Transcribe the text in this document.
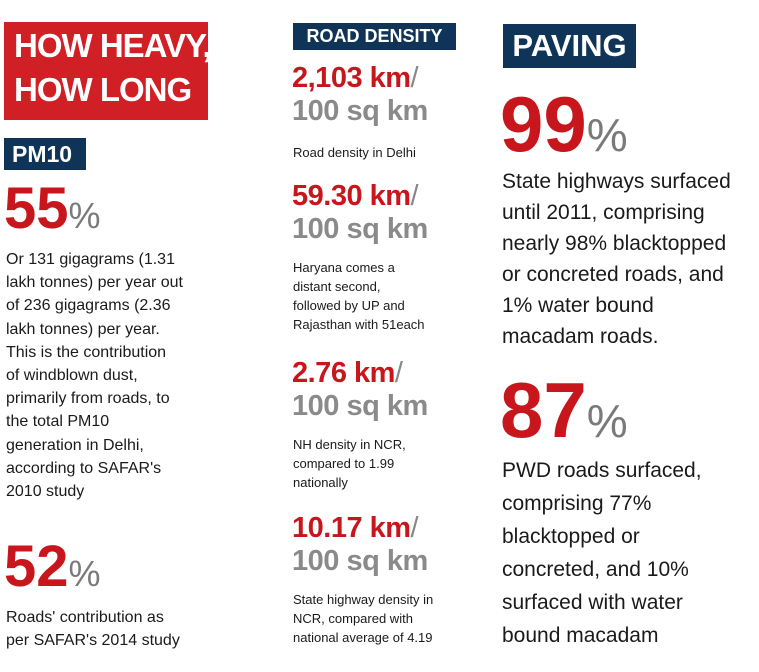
HOW HEAVY,
HOW LONG
PM10
55%
Or 131 gigagrams (1.31
lakh tonnes) per year out
of 236 gigagrams (2.36
lakh tonnes) per year.
This is the contribution
of windblown dust,
primarily from roads, to
the total PM10
generation in Delhi,
according to SAFAR's
2010 study
52%
Roads' contribution as
per SAFAR's 2014 study
ROAD DENSITY
2,103 km/
100 sq km
Road density in Delhi
59.30 km/
100 sq km
Haryana comes a
distant second,
followed by UP and
Rajasthan with 51each
2.76 km/
100 sq km
NH density in NCR,
compared to 1.99
nationally
10.17 km/
100 sq km
State highway density in
NCR, compared with
national average of 4.19
PAVING
99%
State highways surfaced
until 2011, comprising
nearly 98% blacktopped
or concreted roads, and
1% water bound
macadam roads.
87%
PWD roads surfaced,
comprising 77%
blacktopped or
concreted, and 10%
surfaced with water
bound macadam
